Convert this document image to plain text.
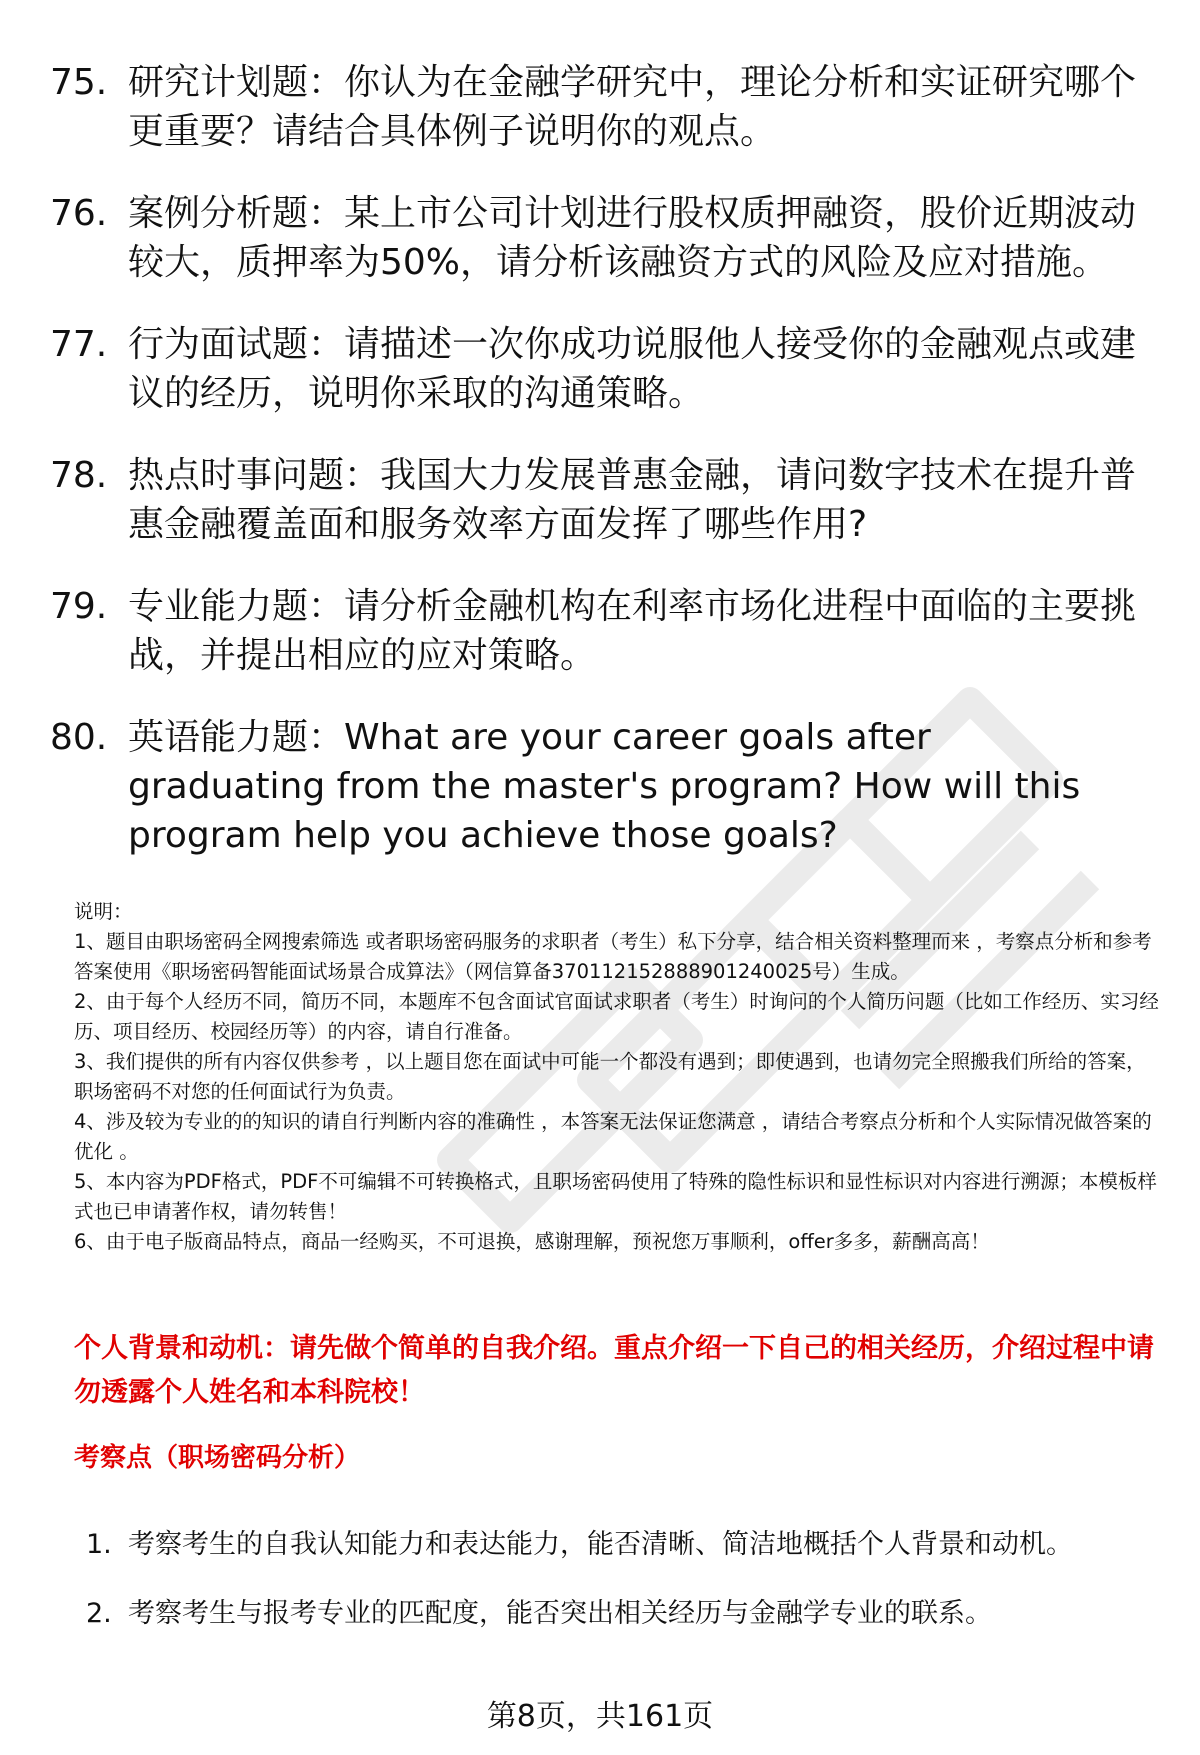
75. 研究计划题：你认为在金融学研究中，理论分析和实证研究哪个更重要？请结合具体例子说明你的观点。
76. 案例分析题：某上市公司计划进行股权质押融资，股价近期波动较大，质押率为50%，请分析该融资方式的风险及应对措施。
77. 行为面试题：请描述一次你成功说服他人接受你的金融观点或建议的经历，说明你采取的沟通策略。
78. 热点时事问题：我国大力发展普惠金融，请问数字技术在提升普惠金融覆盖面和服务效率方面发挥了哪些作用?
79. 专业能力题：请分析金融机构在利率市场化进程中面临的主要挑战，并提出相应的应对策略。
80. 英语能力题：What are your career goals after graduating from the master's program? How will this program help you achieve those goals?

说明：

1、题目由职场密码全网搜索筛选 或者职场密码服务的求职者（考生）私下分享，结合相关资料整理而来 ，考察点分析和参考答案使用《职场密码智能面试场景合成算法》（网信算备370112152888901240025号）生成。

2、由于每个人经历不同，简历不同，本题库不包含面试官面试求职者（考生）时询问的个人简历问题（比如工作经历、实习经历、项目经历、校园经历等）的内容，请自行准备。

3、我们提供的所有内容仅供参考 ，以上题目您在面试中可能一个都没有遇到；即使遇到，也请勿完全照搬我们所给的答案，职场密码不对您的任何面试行为负责。

4、涉及较为专业的的知识的请自行判断内容的准确性 ，本答案无法保证您满意 ，请结合考察点分析和个人实际情况做答案的优化 。

5、本内容为PDF格式，PDF不可编辑不可转换格式，且职场密码使用了特殊的隐性标识和显性标识对内容进行溯源；本模板样式也已申请著作权，请勿转售！

6、由于电子版商品特点，商品一经购买，不可退换，感谢理解，预祝您万事顺利，offer多多，薪酬高高！

个人背景和动机：请先做个简单的自我介绍。重点介绍一下自己的相关经历，介绍过程中请勿透露个人姓名和本科院校！

考察点（职场密码分析）

1. 考察考生的自我认知能力和表达能力，能否清晰、简洁地概括个人背景和动机。
2. 考察考生与报考专业的匹配度，能否突出相关经历与金融学专业的联系。
第8页，共161页
